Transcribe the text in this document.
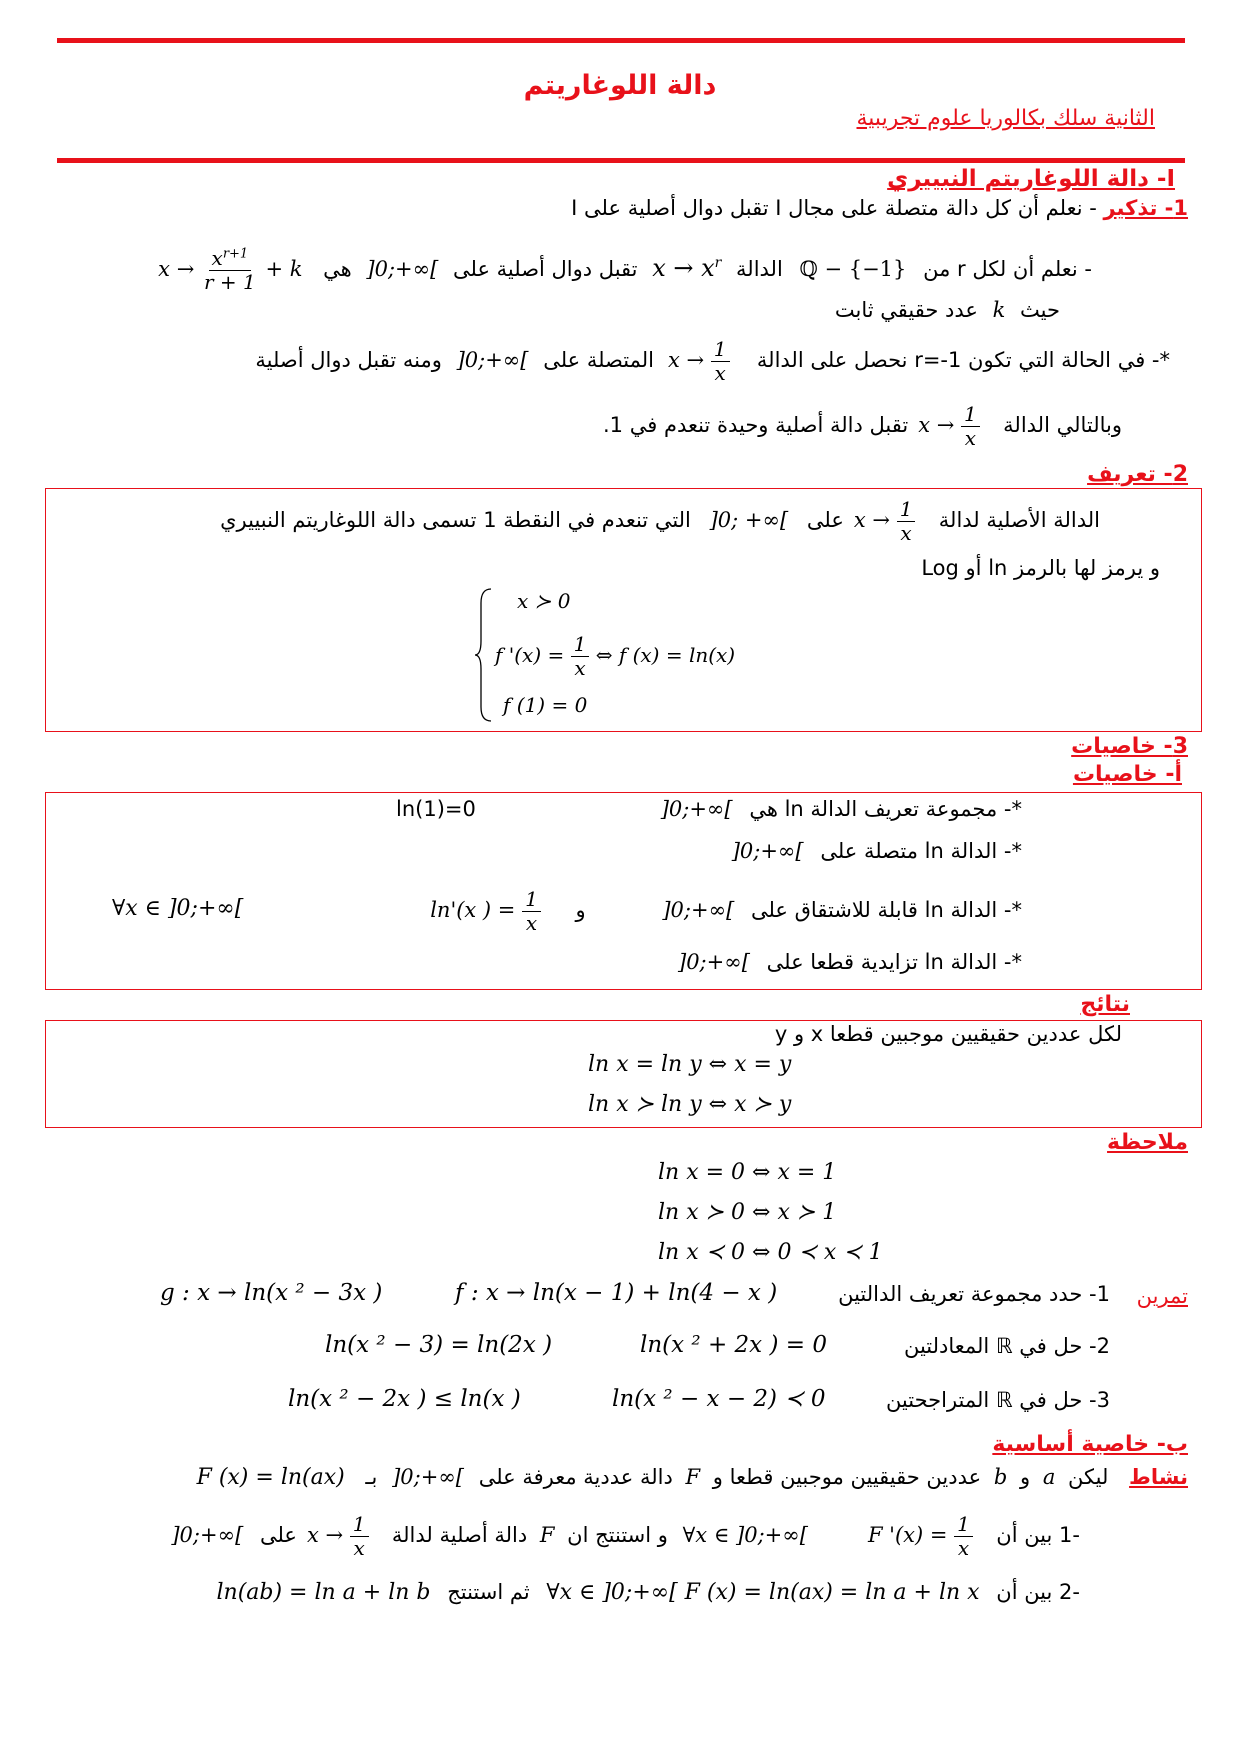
دالة اللوغاريتم
الثانية سلك بكالوريا علوم تجريبية
I- دالة اللوغاريتم النبييري
1- تذكير - نعلم أن كل دالة متصلة على مجال I تقبل دوال أصلية على I
- نعلم أن لكل r من ℚ − {−1} الدالة $x \to x^r$ تقبل دوال أصلية على ]0;+∞[ هي $x \to \frac{x^{r+1}}{r + 1} + k$
حيث k عدد حقيقي ثابت
*- في الحالة التي تكون r=-1 نحصل على الدالة $x \to \frac{1}{x}$
المتصلة على ]0;+∞[ ومنه تقبل دوال أصلية
وبالتالي الدالة $x \to \frac{1}{x}$
تقبل دالة أصلية وحيدة تنعدم في 1.
2- تعريف
الدالة الأصلية لدالة $x \to \frac{1}{x}$
على ]0; +∞[ التي تنعدم في النقطة 1 تسمى دالة اللوغاريتم النبييري
و يرمز لها بالرمز ln أو Log
x ≻ 0
f '$(x) = \frac{1}{x}$ ⇔ f (x) = ln(x)
f (1) = 0
3- خاصيات
أ- خاصيات
*- مجموعة تعريف الدالة ln هي ]0;+∞[
ln(1)=0
*- الدالة ln متصلة على ]0;+∞[
*- الدالة ln قابلة للاشتقاق على ]0;+∞[ و ln'(x ) = $\frac{1}{x}$
∀x ∈ ]0;+∞[
*- الدالة ln تزايدية قطعا على ]0;+∞[
نتائج
لكل عددين حقيقيين موجبين قطعا x و y
ln x = ln y ⇔ x = y
ln x ≻ ln y ⇔ x ≻ y
ملاحظة
ln x = 0 ⇔ x = 1
ln x ≻ 0 ⇔ x ≻ 1
ln x ≺ 0 ⇔ 0 ≺ x ≺ 1
تمرين
1- حدد مجموعة تعريف الدالتين
f : x → ln(x − 1) + ln(4 − x )
g : x → ln(x ² − 3x )
2- حل في ℝ المعادلتين
ln(x ² + 2x ) = 0
ln(x ² − 3) = ln(2x )
3- حل في ℝ المتراجحتين
ln(x ² − x − 2) ≺ 0
ln(x ² − 2x ) ≤ ln(x )
ب- خاصية أساسية
نشاط ليكن a و b عددين حقيقيين موجبين قطعا و F دالة عددية معرفة على ]0;+∞[ بـ F (x) = ln(ax)
-1 بين أن F '$(x) = \frac{1}{x}$
∀x ∈ ]0;+∞[ و استنتج ان F دالة أصلية لدالة $x \to \frac{1}{x}$
على ]0;+∞[
-2 بين أن ∀x ∈ ]0;+∞[ F (x) = ln(ax) = ln a + ln x ثم استنتج ln(ab) = ln a + ln b
